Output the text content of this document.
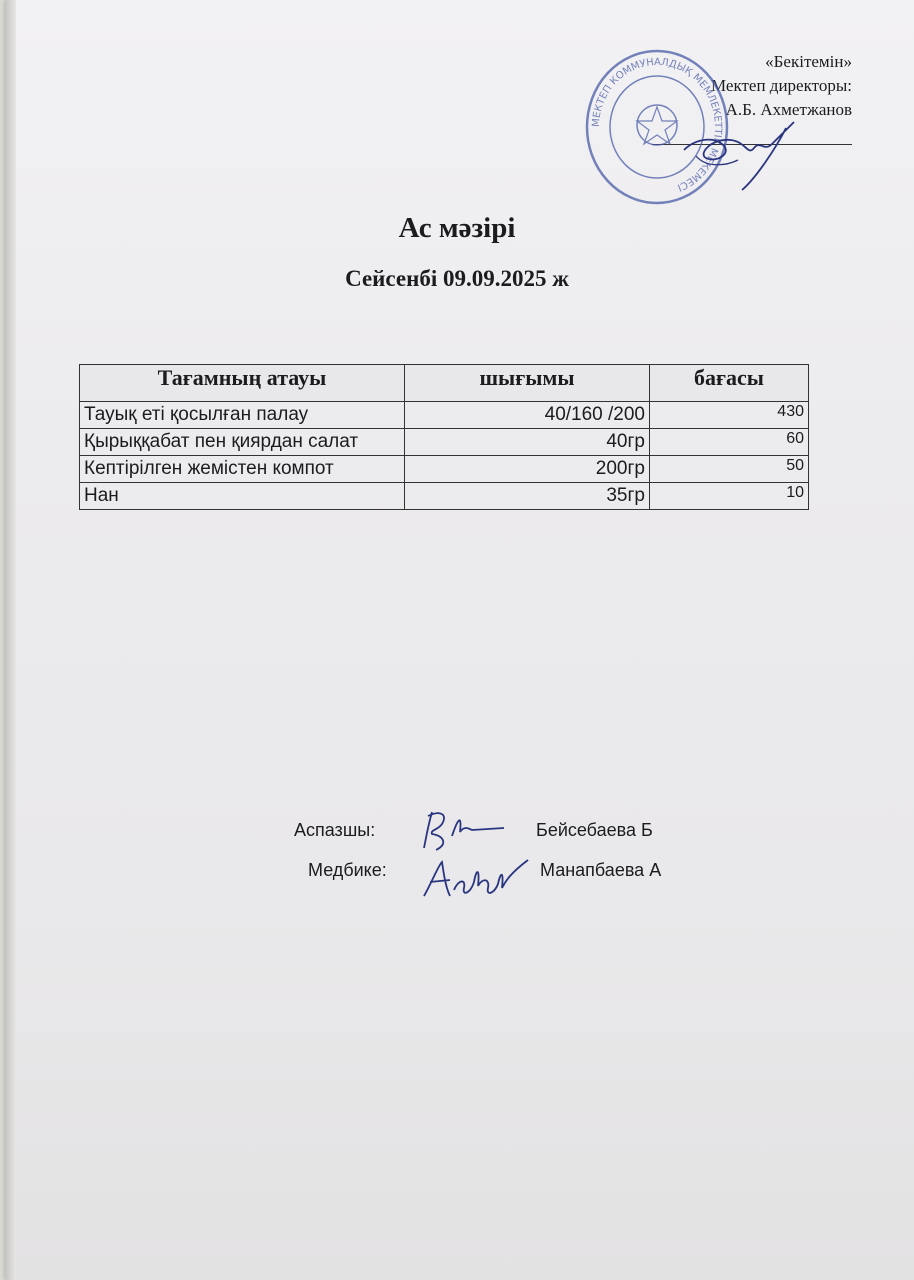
«Бекітемін»
Мектеп директоры:
А.Б. Ахметжанов
МЕКТЕП КОММУНАЛДЫҚ МЕМЛЕКЕТТІК МЕКЕМЕСІ
Ас мәзірі
Сейсенбі 09.09.2025 ж
Тағамның атауы	шығымы	бағасы
Тауық еті қосылған палау	40/160 /200	430
Қырыққабат пен қиярдан салат	40гр	60
Кептірілген жемістен компот	200гр	50
Нан	35гр	10
Аспазшы:	Бейсебаева Б
Медбике:	Манапбаева А
